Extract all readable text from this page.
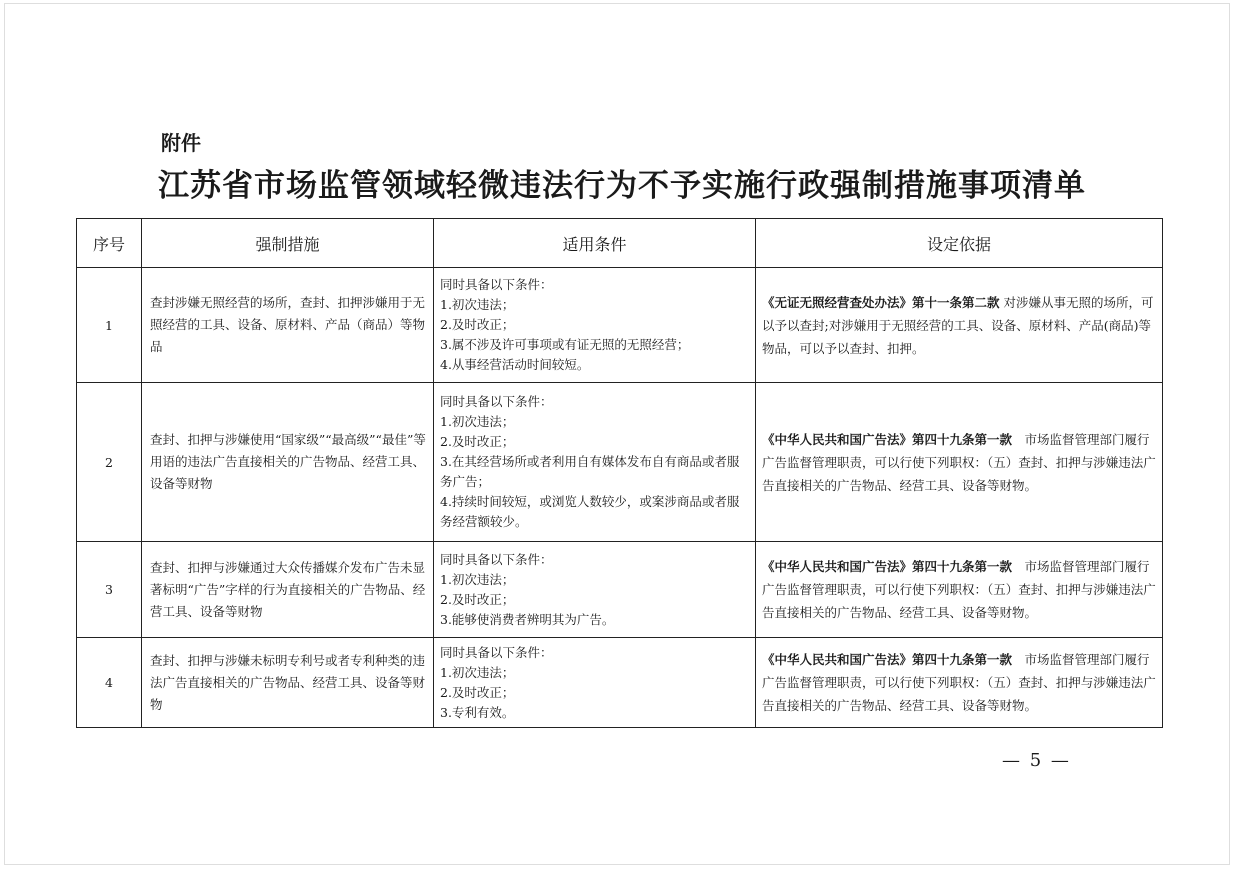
附件
江苏省市场监管领域轻微违法行为不予实施行政强制措施事项清单
序号	强制措施	适用条件	设定依据
1	查封涉嫌无照经营的场所，查封、扣押涉嫌用于无照经营的工具、设备、原材料、产品（商品）等物品	同时具备以下条件：
1.初次违法；
2.及时改正；
3.属不涉及许可事项或有证无照的无照经营；
4.从事经营活动时间较短。	《无证无照经营查处办法》第十一条第二款 对涉嫌从事无照的场所，可以予以查封;对涉嫌用于无照经营的工具、设备、原材料、产品(商品)等物品，可以予以查封、扣押。
2	查封、扣押与涉嫌使用“国家级”“最高级”“最佳”等用语的违法广告直接相关的广告物品、经营工具、设备等财物	同时具备以下条件：
1.初次违法；
2.及时改正；
3.在其经营场所或者利用自有媒体发布自有商品或者服务广告；
4.持续时间较短，或浏览人数较少，或案涉商品或者服务经营额较少。	《中华人民共和国广告法》第四十九条第一款　市场监督管理部门履行广告监督管理职责，可以行使下列职权：（五）查封、扣押与涉嫌违法广告直接相关的广告物品、经营工具、设备等财物。
3	查封、扣押与涉嫌通过大众传播媒介发布广告未显著标明“广告”字样的行为直接相关的广告物品、经营工具、设备等财物	同时具备以下条件：
1.初次违法；
2.及时改正；
3.能够使消费者辨明其为广告。	《中华人民共和国广告法》第四十九条第一款　市场监督管理部门履行广告监督管理职责，可以行使下列职权：（五）查封、扣押与涉嫌违法广告直接相关的广告物品、经营工具、设备等财物。
4	查封、扣押与涉嫌未标明专利号或者专利种类的违法广告直接相关的广告物品、经营工具、设备等财物	同时具备以下条件：
1.初次违法；
2.及时改正；
3.专利有效。	《中华人民共和国广告法》第四十九条第一款　市场监督管理部门履行广告监督管理职责，可以行使下列职权：（五）查封、扣押与涉嫌违法广告直接相关的广告物品、经营工具、设备等财物。
— 5 —
